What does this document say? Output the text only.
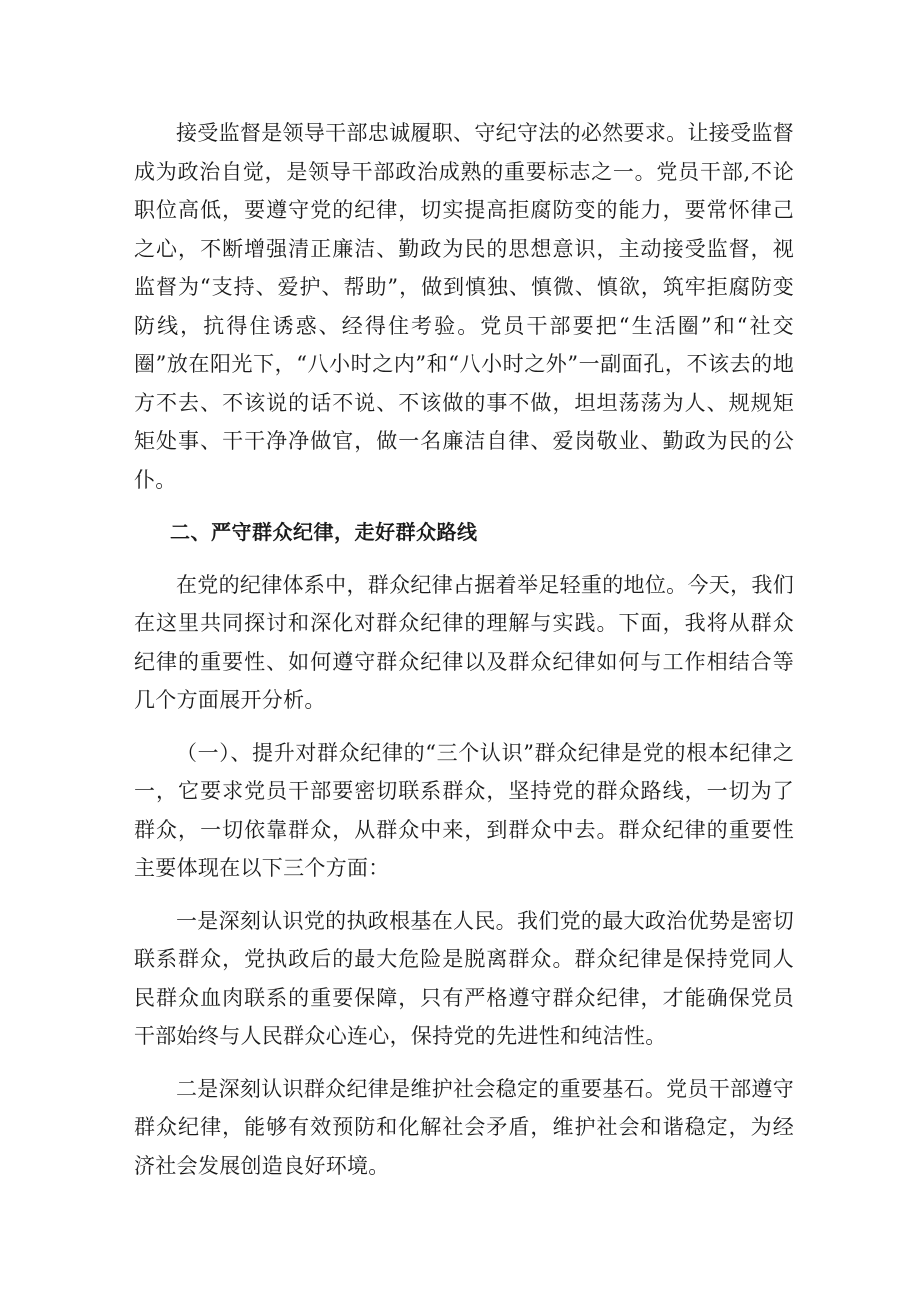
接受监督是领导干部忠诚履职、守纪守法的必然要求。让接受监督成为政治自觉，是领导干部政治成熟的重要标志之一。党员干部,不论职位高低，要遵守党的纪律，切实提高拒腐防变的能力，要常怀律己之心，不断增强清正廉洁、勤政为民的思想意识，主动接受监督，视监督为“支持、爱护、帮助”，做到慎独、慎微、慎欲，筑牢拒腐防变防线，抗得住诱惑、经得住考验。党员干部要把“生活圈”和“社交圈”放在阳光下，“八小时之内”和“八小时之外”一副面孔，不该去的地方不去、不该说的话不说、不该做的事不做，坦坦荡荡为人、规规矩矩处事、干干净净做官，做一名廉洁自律、爱岗敬业、勤政为民的公仆。

二、严守群众纪律，走好群众路线

在党的纪律体系中，群众纪律占据着举足轻重的地位。今天，我们在这里共同探讨和深化对群众纪律的理解与实践。下面，我将从群众纪律的重要性、如何遵守群众纪律以及群众纪律如何与工作相结合等几个方面展开分析。

（一）、提升对群众纪律的“三个认识”群众纪律是党的根本纪律之一，它要求党员干部要密切联系群众，坚持党的群众路线，一切为了群众，一切依靠群众，从群众中来，到群众中去。群众纪律的重要性主要体现在以下三个方面：

一是深刻认识党的执政根基在人民。我们党的最大政治优势是密切联系群众，党执政后的最大危险是脱离群众。群众纪律是保持党同人民群众血肉联系的重要保障，只有严格遵守群众纪律，才能确保党员干部始终与人民群众心连心，保持党的先进性和纯洁性。

二是深刻认识群众纪律是维护社会稳定的重要基石。党员干部遵守群众纪律，能够有效预防和化解社会矛盾，维护社会和谐稳定，为经济社会发展创造良好环境。
